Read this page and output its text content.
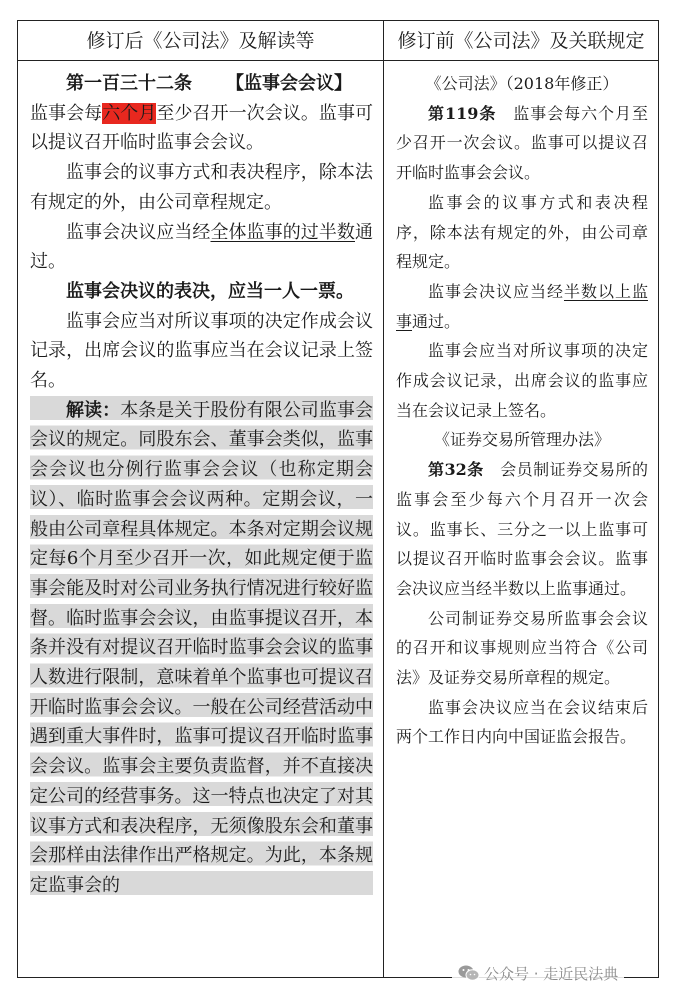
修订后《公司法》及解读等	修订前《公司法》及关联规定

第一百三十二条 【监事会会议】

监事会每六个月至少召开一次会议。监事可以提议召开临时监事会会议。

监事会的议事方式和表决程序，除本法有规定的外，由公司章程规定。

监事会决议应当经全体监事的过半数通过。

监事会决议的表决，应当一人一票。

监事会应当对所议事项的决定作成会议记录，出席会议的监事应当在会议记录上签名。

解读：本条是关于股份有限公司监事会会议的规定。同股东会、董事会类似，监事会会议也分例行监事会会议（也称定期会议）、临时监事会会议两种。定期会议，一般由公司章程具体规定。本条对定期会议规定每6个月至少召开一次，如此规定便于监事会能及时对公司业务执行情况进行较好监督。临时监事会会议，由监事提议召开，本条并没有对提议召开临时监事会会议的监事人数进行限制，意味着单个监事也可提议召开临时监事会会议。一般在公司经营活动中遇到重大事件时，监事可提议召开临时监事会会议。监事会主要负责监督，并不直接决定公司的经营事务。这一特点也决定了对其议事方式和表决程序，无须像股东会和董事会那样由法律作出严格规定。为此，本条规定监事会的

《公司法》（2018年修正）

第119条　 监事会每六个月至少召开一次会议。监事可以提议召开临时监事会会议。

监事会的议事方式和表决程序，除本法有规定的外，由公司章程规定。

监事会决议应当经半数以上监事通过。

监事会应当对所议事项的决定作成会议记录，出席会议的监事应当在会议记录上签名。

《证券交易所管理办法》

第32条　 会员制证券交易所的监事会至少每六个月召开一次会议。监事长、三分之一以上监事可以提议召开临时监事会会议。监事会决议应当经半数以上监事通过。

公司制证券交易所监事会会议的召开和议事规则应当符合《公司法》及证券交易所章程的规定。

监事会决议应当在会议结束后两个工作日内向中国证监会报告。

公众号 · 走近民法典
